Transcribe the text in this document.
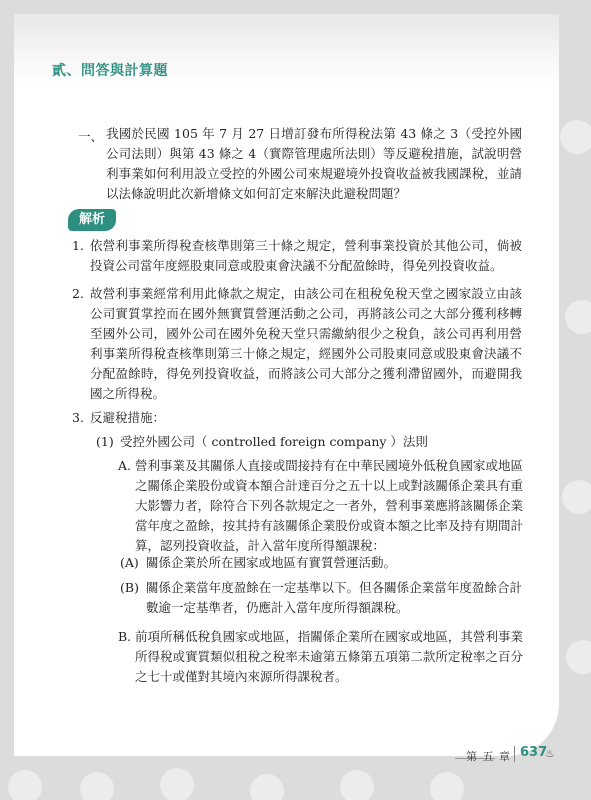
貳、問答與計算題
一、 我國於民國 105 年 7 月 27 日增訂發布所得稅法第 43 條之 3（受控外國公司法則）與第 43 條之 4（實際管理處所法則）等反避稅措施，試說明營利事業如何利用設立受控的外國公司來規避境外投資收益被我國課稅，並請以法條說明此次新增條文如何訂定來解決此避稅問題？

解析
1. 依營利事業所得稅查核準則第三十條之規定，營利事業投資於其他公司，倘被投資公司當年度經股東同意或股東會決議不分配盈餘時，得免列投資收益。

2. 故營利事業經常利用此條款之規定，由該公司在租稅免稅天堂之國家設立由該公司實質掌控而在國外無實質營運活動之公司，再將該公司之大部分獲利移轉至國外公司，國外公司在國外免稅天堂只需繳納很少之稅負，該公司再利用營利事業所得稅查核準則第三十條之規定，經國外公司股東同意或股東會決議不分配盈餘時，得免列投資收益，而將該公司大部分之獲利滯留國外，而避開我國之所得稅。

3. 反避稅措施：

(1) 受控外國公司（ controlled foreign company ）法則

A. 營利事業及其關係人直接或間接持有在中華民國境外低稅負國家或地區之關係企業股份或資本額合計達百分之五十以上或對該關係企業具有重大影響力者，除符合下列各款規定之一者外，營利事業應將該關係企業當年度之盈餘，按其持有該關係企業股份或資本額之比率及持有期間計算，認列投資收益，計入當年度所得額課稅：

(A) 關係企業於所在國家或地區有實質營運活動。

(B) 關係企業當年度盈餘在一定基準以下。但各關係企業當年度盈餘合計數逾一定基準者，仍應計入當年度所得額課稅。

B. 前項所稱低稅負國家或地區，指關係企業所在國家或地區，其營利事業所得稅或實質類似租稅之稅率未逾第五條第五項第二款所定稅率之百分之七十或僅對其境內來源所得課稅者。

第 五 章 637
♨
